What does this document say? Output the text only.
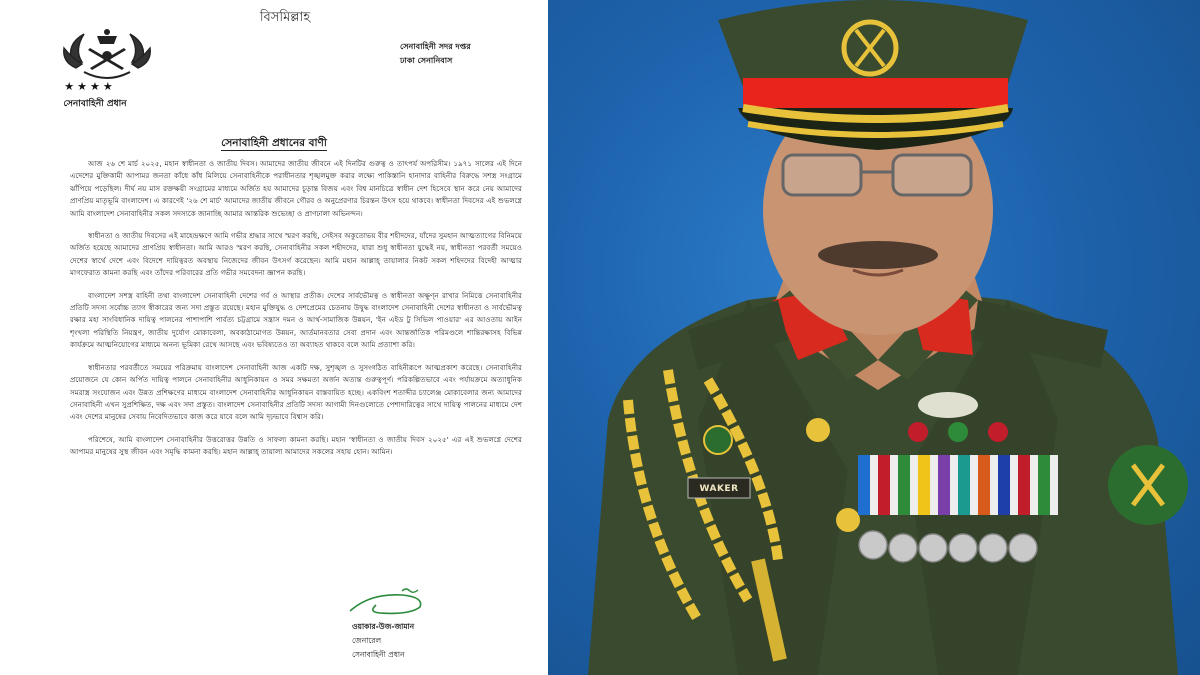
বিসমিল্লাহ
★★★★
সেনাবাহিনী প্রধান
সেনাবাহিনী সদর দপ্তর
ঢাকা সেনানিবাস
সেনাবাহিনী প্রধানের বাণী

আজ ২৬ শে মার্চ ২০২৫, মহান স্বাধীনতা ও জাতীয় দিবস। আমাদের জাতীয় জীবনে এই দিনটির গুরুত্ব ও তাৎপর্য অপরিসীম। ১৯৭১ সালের এই দিনে এদেশের মুক্তিকামী আপামর জনতা কাঁধে কাঁধ মিলিয়ে সেনাবাহিনীকে পরাধীনতার শৃঙ্খলমুক্ত করার লক্ষ্যে পাকিস্তানি হানাদার বাহিনীর বিরুদ্ধে সশস্ত্র সংগ্রামে ঝাঁপিয়ে পড়েছিল। দীর্ঘ নয় মাস রক্তক্ষয়ী সংগ্রামের মাধ্যমে অর্জিত হয় আমাদের চূড়ান্ত বিজয় এবং বিশ্ব মানচিত্রে স্বাধীন দেশ হিসেবে স্থান করে নেয় আমাদের প্রাণপ্রিয় মাতৃভূমি বাংলাদেশ। এ কারণেই '২৬ শে মার্চ' আমাদের জাতীয় জীবনে গৌরব ও অনুপ্রেরণার চিরন্তন উৎস হয়ে থাকবে। স্বাধীনতা দিবসের এই শুভলগ্নে আমি বাংলাদেশ সেনাবাহিনীর সকল সদস্যকে জানাচ্ছি আমার আন্তরিক শুভেচ্ছা ও প্রাণঢালা অভিনন্দন।

স্বাধীনতা ও জাতীয় দিবসের এই মাহেন্দ্রক্ষণে আমি গভীর শ্রদ্ধার সাথে স্মরণ করছি, সেইসব অকুতোভয় বীর শহীদদের, যাঁদের সুমহান আত্মত্যাগের বিনিময়ে অর্জিত হয়েছে আমাদের প্রাণপ্রিয় স্বাধীনতা। আমি আরও স্মরণ করছি, সেনাবাহিনীর সকল শহীদদের, যারা শুধু স্বাধীনতা যুদ্ধেই নয়, স্বাধীনতা পরবর্তী সময়েও দেশের স্বার্থে দেশে এবং বিদেশে দায়িত্বরত অবস্থায় নিজেদের জীবন উৎসর্গ করেছেন। আমি মহান আল্লাহ্‌ তায়ালার নিকট সকল শহিদদের বিদেহী আত্মার মাগফেরাত কামনা করছি এবং তাঁদের পরিবারের প্রতি গভীর সমবেদনা জ্ঞাপন করছি।

বাংলাদেশ সশস্ত্র বাহিনী তথা বাংলাদেশ সেনাবাহিনী দেশের গর্ব ও আস্থার প্রতীক। দেশের সার্বভৌমত্ব ও স্বাধীনতা অক্ষুণ্ন রাখার নিমিত্তে সেনাবাহিনীর প্রতিটি সদস্য সর্বোচ্চ ত্যাগ স্বীকারের জন্য সদা প্রস্তুত রয়েছে। মহান মুক্তিযুদ্ধ ও দেশপ্রেমের চেতনায় উদ্বুদ্ধ বাংলাদেশ সেনাবাহিনী দেশের স্বাধীনতা ও সার্বভৌমত্ব রক্ষার মহা সাংবিধানিক দায়িত্ব পালনের পাশাপাশি পার্বত্য চট্টগ্রামে সন্ত্রাস দমন ও আর্থ-সামাজিক উন্নয়ন, 'ইন এইড টু সিভিল পাওয়ার' এর আওতায় আইন শৃংখলা পরিস্থিতি নিয়ন্ত্রণ, জাতীয় দুর্যোগ মোকাবেলা, অবকাঠামোগত উন্নয়ন, আর্তমানবতার সেবা প্রদান এবং আন্তর্জাতিক পরিমণ্ডলে শান্তিরক্ষাসহ বিভিন্ন কার্যক্রমে আত্মনিয়োগের মাধ্যমে অনন্য ভূমিকা রেখে আসছে এবং ভবিষ্যতেও তা অব্যাহত থাকবে বলে আমি প্রত্যাশা করি।

স্বাধীনতার পরবর্তীতে সময়ের পরিক্রমায় বাংলাদেশ সেনাবাহিনী আজ একটি দক্ষ, সুশৃঙ্খল ও সুসংগঠিত বাহিনীরূপে আত্মপ্রকাশ করেছে। সেনাবাহিনীর প্রয়োজনে যে কোন অর্পিত দায়িত্ব পালনে সেনাবাহিনীর আধুনিকায়ন ও সমর সক্ষমতা অর্জন অত্যন্ত গুরুত্বপূর্ণ। পরিকল্পিতভাবে এবং পর্যায়ক্রমে অত্যাধুনিক সমরাস্ত্র সংযোজন এবং উন্নত প্রশিক্ষণের মাধ্যমে বাংলাদেশ সেনাবাহিনীর আধুনিকায়ন বাস্তবায়িত হচ্ছে। একবিংশ শতাব্দীর চ্যালেঞ্জ মোকাবেলার জন্য আমাদের সেনাবাহিনী এখন সুপ্রশিক্ষিত, দক্ষ এবং সদা প্রস্তুত। বাংলাদেশ সেনাবাহিনীর প্রতিটি সদস্য আগামী দিনগুলোতে পেশাদারিত্বের সাথে দায়িত্ব পালনের মাধ্যমে দেশ এবং দেশের মানুষের সেবায় নিবেদিতভাবে কাজ করে যাবে বলে আমি দৃঢ়ভাবে বিশ্বাস করি।

পরিশেষে, আমি বাংলাদেশ সেনাবাহিনীর উত্তরোত্তর উন্নতি ও সাফল্য কামনা করছি। মহান 'স্বাধীনতা ও জাতীয় দিবস ২০২৫' এর এই শুভলগ্নে দেশের আপামর মানুষের সুস্থ জীবন এবং সমৃদ্ধি কামনা করছি। মহান আল্লাহ্‌ তায়ালা আমাদের সকলের সহায় হোন। আমিন।

ওয়াকার-উজ-জামান
জেনারেল
সেনাবাহিনী প্রধান
WAKER
